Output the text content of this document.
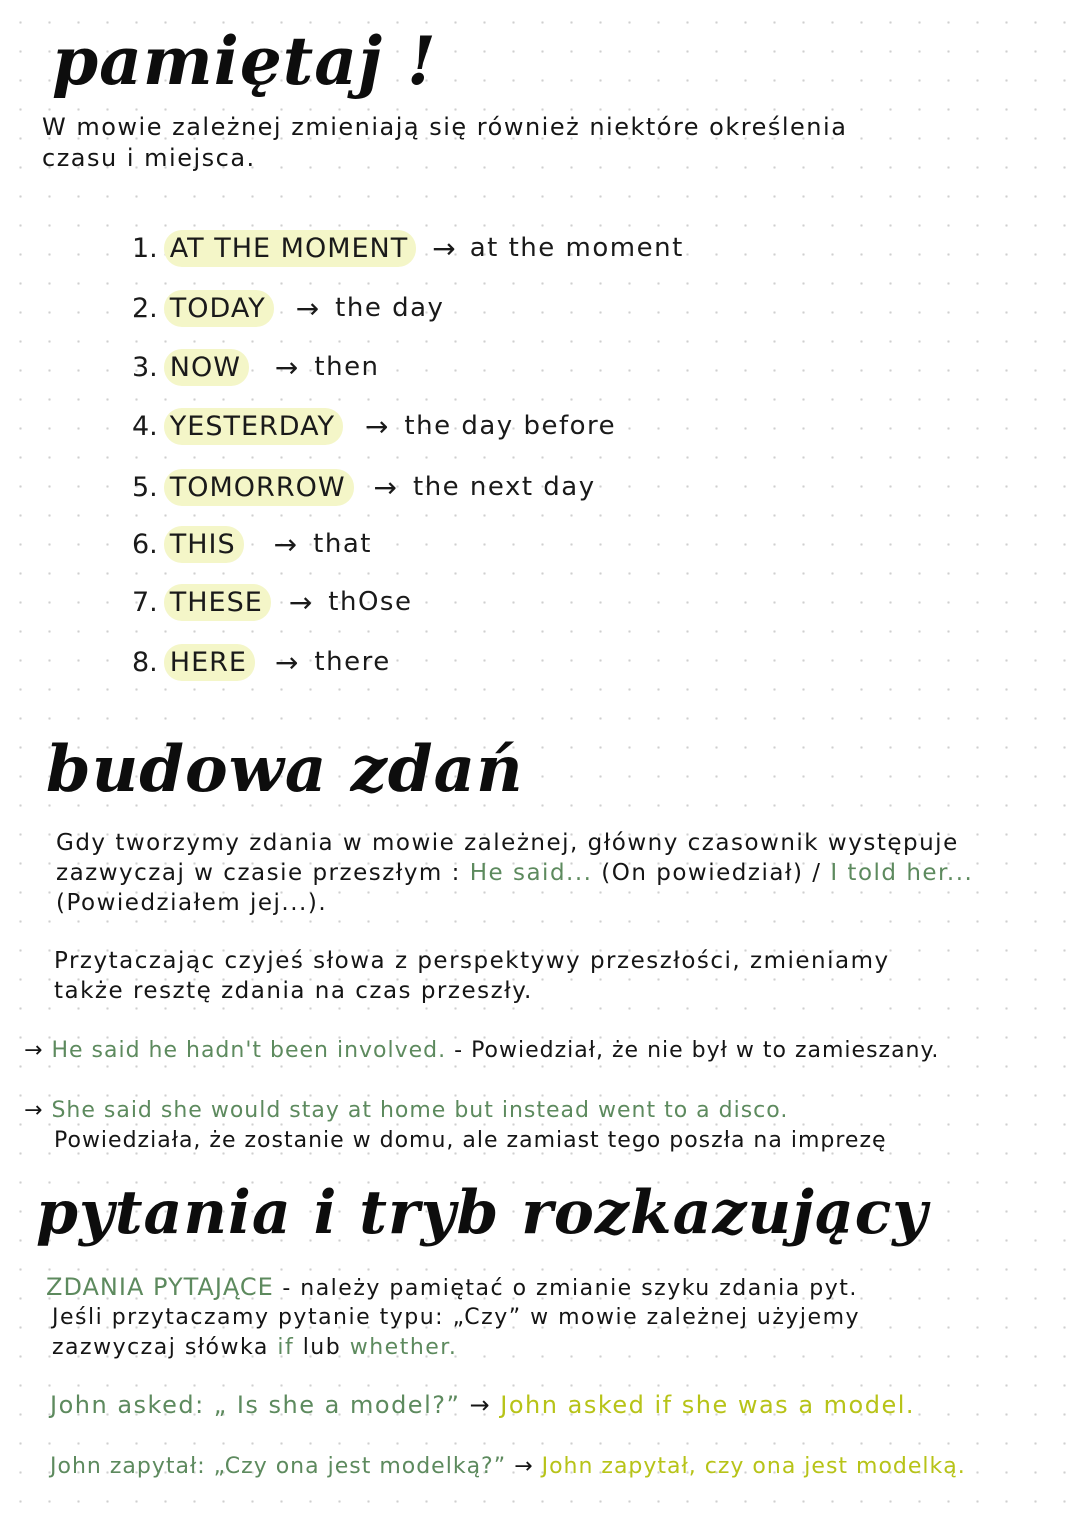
pamiętaj !
W mowie zależnej zmieniają się również niektóre określenia
czasu i miejsca.
1. AT THE MOMENT → at the moment
2. TODAY → the day
3. NOW → then
4. YESTERDAY → the day before
5. TOMORROW → the next day
6. THIS → that
7. THESE → thOse
8. HERE → there
budowa zdań
Gdy tworzymy zdania w mowie zależnej, główny czasownik występuje
zazwyczaj w czasie przeszłym : He said... (On powiedział) / I told her...
(Powiedziałem jej...).
Przytaczając czyjeś słowa z perspektywy przeszłości, zmieniamy
także resztę zdania na czas przeszły.
→ He said he hadn't been involved. - Powiedział, że nie był w to zamieszany.
→ She said she would stay at home but instead went to a disco.
Powiedziała, że zostanie w domu, ale zamiast tego poszła na imprezę
pytania i tryb rozkazujący
ZDANIA PYTAJĄCE - należy pamiętać o zmianie szyku zdania pyt.
Jeśli przytaczamy pytanie typu: „Czy” w mowie zależnej użyjemy
zazwyczaj słówka if lub whether.
John asked: „ Is she a model?” → John asked if she was a model.
John zapytał: „Czy ona jest modelką?” → John zapytał, czy ona jest modelką.
